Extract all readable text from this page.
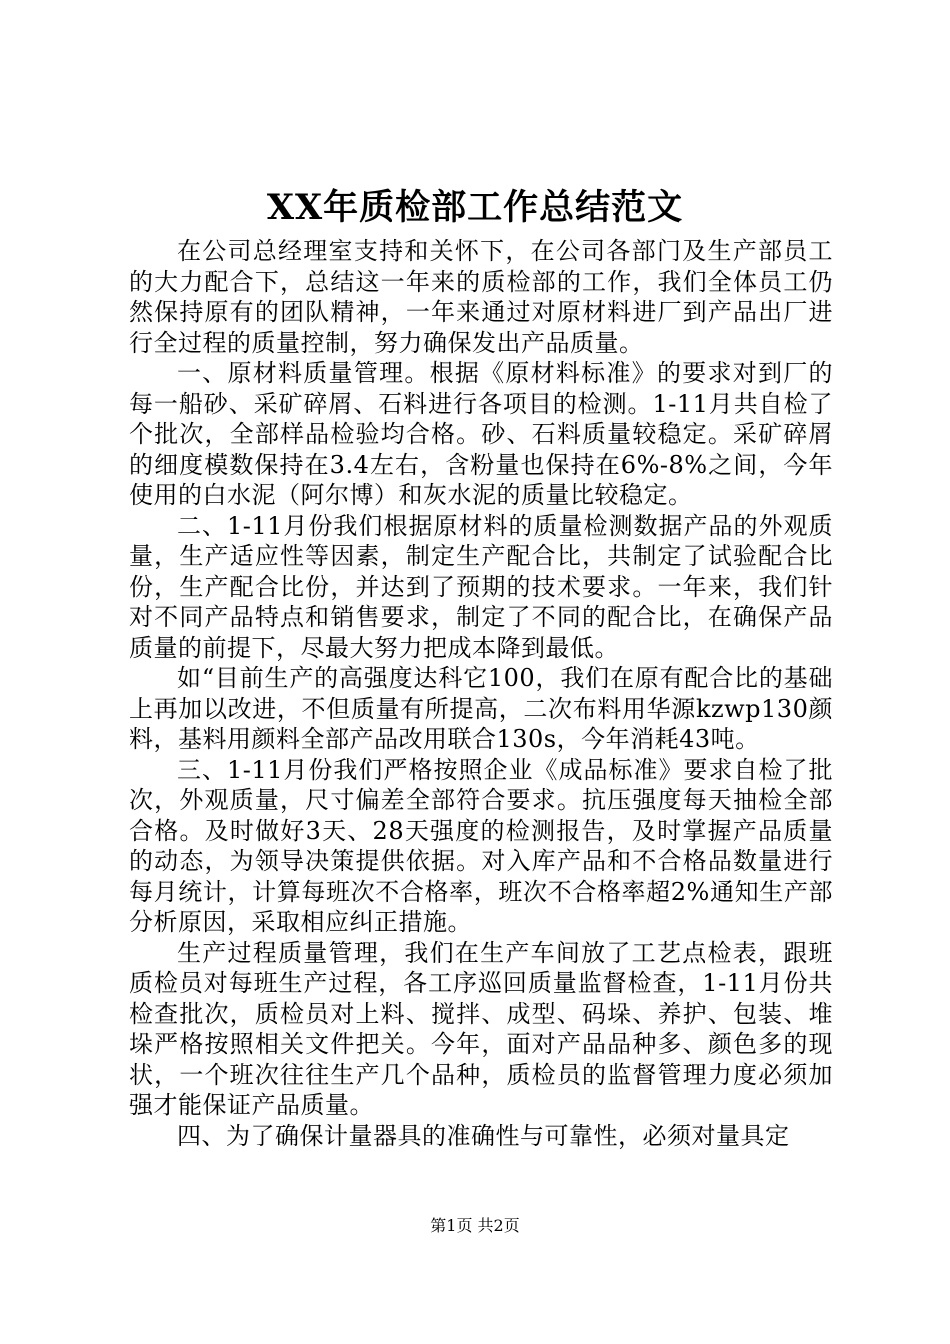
XX年质检部工作总结范文

在公司总经理室支持和关怀下，在公司各部门及生产部员工的大力配合下，总结这一年来的质检部的工作，我们全体员工仍然保持原有的团队精神，一年来通过对原材料进厂到产品出厂进行全过程的质量控制，努力确保发出产品质量。

一、原材料质量管理。根据《原材料标准》的要求对到厂的每一船砂、采矿碎屑、石料进行各项目的检测。1-11月共自检了个批次，全部样品检验均合格。砂、石料质量较稳定。采矿碎屑的细度模数保持在3.4左右，含粉量也保持在6%-8%之间，今年使用的白水泥（阿尔博）和灰水泥的质量比较稳定。

二、1-11月份我们根据原材料的质量检测数据产品的外观质量，生产适应性等因素，制定生产配合比，共制定了试验配合比份，生产配合比份，并达到了预期的技术要求。一年来，我们针对不同产品特点和销售要求，制定了不同的配合比，在确保产品质量的前提下，尽最大努力把成本降到最低。

如“目前生产的高强度达科它100，我们在原有配合比的基础上再加以改进，不但质量有所提高，二次布料用华源kzwp130颜料，基料用颜料全部产品改用联合130s，今年消耗43吨。

三、1-11月份我们严格按照企业《成品标准》要求自检了批次，外观质量，尺寸偏差全部符合要求。抗压强度每天抽检全部合格。及时做好3天、28天强度的检测报告，及时掌握产品质量的动态，为领导决策提供依据。对入库产品和不合格品数量进行每月统计，计算每班次不合格率，班次不合格率超2%通知生产部分析原因，采取相应纠正措施。

生产过程质量管理，我们在生产车间放了工艺点检表，跟班质检员对每班生产过程，各工序巡回质量监督检查，1-11月份共检查批次，质检员对上料、搅拌、成型、码垛、养护、包装、堆垛严格按照相关文件把关。今年，面对产品品种多、颜色多的现状，一个班次往往生产几个品种，质检员的监督管理力度必须加强才能保证产品质量。

四、为了确保计量器具的准确性与可靠性，必须对量具定

第1页 共2页
